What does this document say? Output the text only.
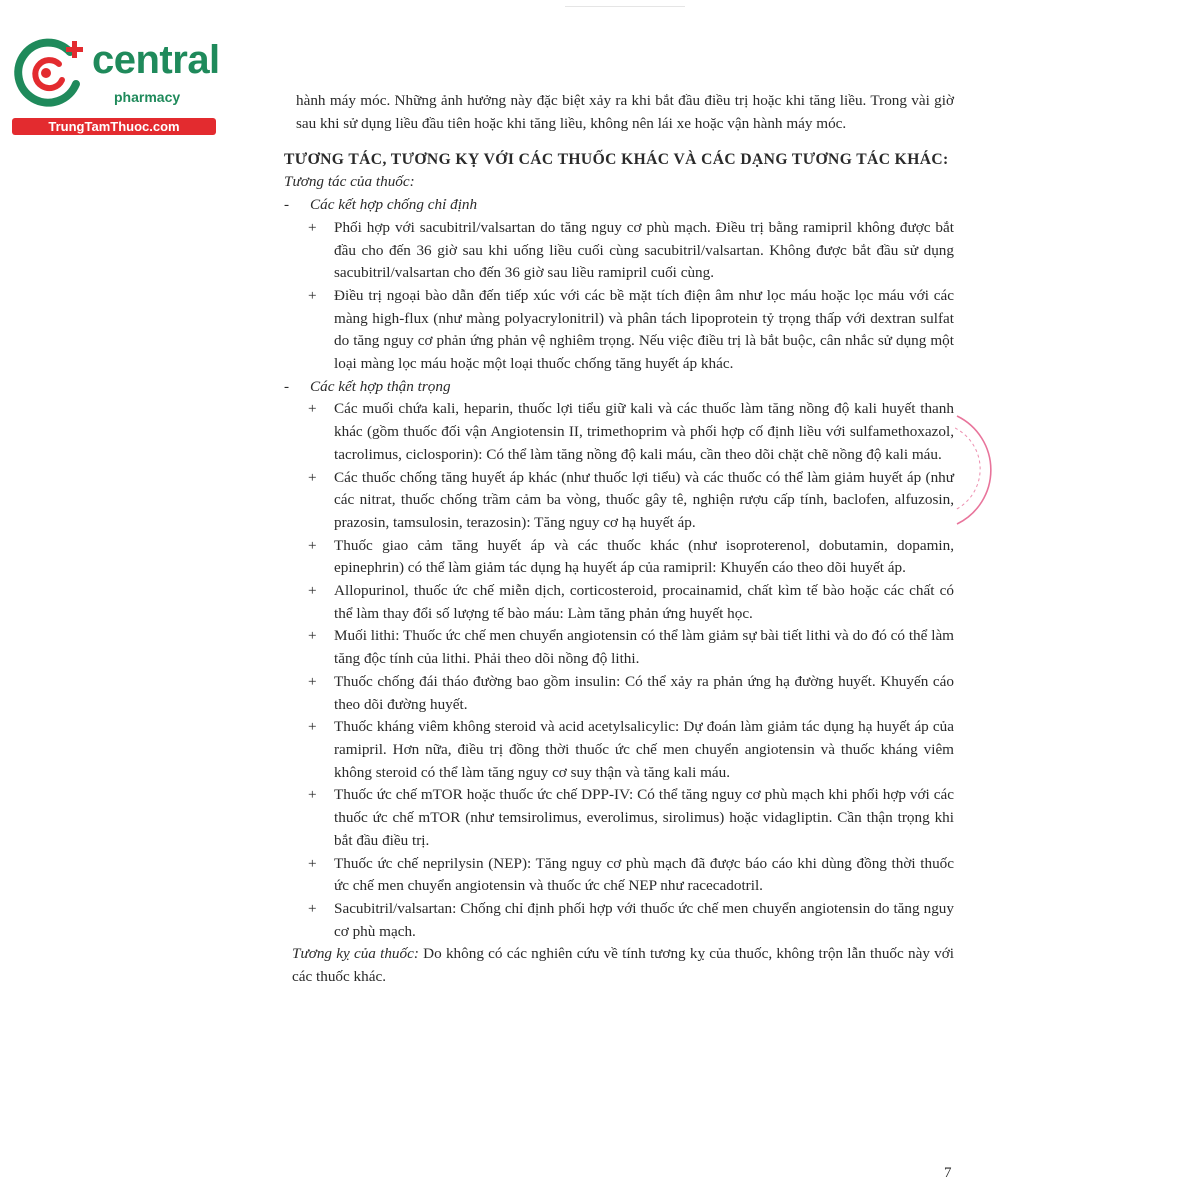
central
pharmacy
TrungTamThuoc.com

hành máy móc. Những ảnh hưởng này đặc biệt xảy ra khi bắt đầu điều trị hoặc khi tăng liều. Trong vài giờ sau khi sử dụng liều đầu tiên hoặc khi tăng liều, không nên lái xe hoặc vận hành máy móc.

TƯƠNG TÁC, TƯƠNG KỴ VỚI CÁC THUỐC KHÁC VÀ CÁC DẠNG TƯƠNG TÁC KHÁC:

Tương tác của thuốc:

- Các kết hợp chống chỉ định

+ Phối hợp với sacubitril/valsartan do tăng nguy cơ phù mạch. Điều trị bằng ramipril không được bắt đầu cho đến 36 giờ sau khi uống liều cuối cùng sacubitril/valsartan. Không được bắt đầu sử dụng sacubitril/valsartan cho đến 36 giờ sau liều ramipril cuối cùng.

+ Điều trị ngoại bào dẫn đến tiếp xúc với các bề mặt tích điện âm như lọc máu hoặc lọc máu với các màng high-flux (như màng polyacrylonitril) và phân tách lipoprotein tỷ trọng thấp với dextran sulfat do tăng nguy cơ phản ứng phản vệ nghiêm trọng. Nếu việc điều trị là bắt buộc, cân nhắc sử dụng một loại màng lọc máu hoặc một loại thuốc chống tăng huyết áp khác.

- Các kết hợp thận trọng

+ Các muối chứa kali, heparin, thuốc lợi tiểu giữ kali và các thuốc làm tăng nồng độ kali huyết thanh khác (gồm thuốc đối vận Angiotensin II, trimethoprim và phối hợp cố định liều với sulfamethoxazol, tacrolimus, ciclosporin): Có thể làm tăng nồng độ kali máu, cần theo dõi chặt chẽ nồng độ kali máu.

+ Các thuốc chống tăng huyết áp khác (như thuốc lợi tiểu) và các thuốc có thể làm giảm huyết áp (như các nitrat, thuốc chống trầm cảm ba vòng, thuốc gây tê, nghiện rượu cấp tính, baclofen, alfuzosin, prazosin, tamsulosin, terazosin): Tăng nguy cơ hạ huyết áp.

+ Thuốc giao cảm tăng huyết áp và các thuốc khác (như isoproterenol, dobutamin, dopamin, epinephrin) có thể làm giảm tác dụng hạ huyết áp của ramipril: Khuyến cáo theo dõi huyết áp.

+ Allopurinol, thuốc ức chế miễn dịch, corticosteroid, procainamid, chất kìm tế bào hoặc các chất có thể làm thay đổi số lượng tế bào máu: Làm tăng phản ứng huyết học.

+ Muối lithi: Thuốc ức chế men chuyển angiotensin có thể làm giảm sự bài tiết lithi và do đó có thể làm tăng độc tính của lithi. Phải theo dõi nồng độ lithi.

+ Thuốc chống đái tháo đường bao gồm insulin: Có thể xảy ra phản ứng hạ đường huyết. Khuyến cáo theo dõi đường huyết.

+ Thuốc kháng viêm không steroid và acid acetylsalicylic: Dự đoán làm giảm tác dụng hạ huyết áp của ramipril. Hơn nữa, điều trị đồng thời thuốc ức chế men chuyển angiotensin và thuốc kháng viêm không steroid có thể làm tăng nguy cơ suy thận và tăng kali máu.

+ Thuốc ức chế mTOR hoặc thuốc ức chế DPP-IV: Có thể tăng nguy cơ phù mạch khi phối hợp với các thuốc ức chế mTOR (như temsirolimus, everolimus, sirolimus) hoặc vidagliptin. Cần thận trọng khi bắt đầu điều trị.

+ Thuốc ức chế neprilysin (NEP): Tăng nguy cơ phù mạch đã được báo cáo khi dùng đồng thời thuốc ức chế men chuyển angiotensin và thuốc ức chế NEP như racecadotril.

+ Sacubitril/valsartan: Chống chỉ định phối hợp với thuốc ức chế men chuyển angiotensin do tăng nguy cơ phù mạch.

Tương kỵ của thuốc: Do không có các nghiên cứu về tính tương kỵ của thuốc, không trộn lẫn thuốc này với các thuốc khác.

7
